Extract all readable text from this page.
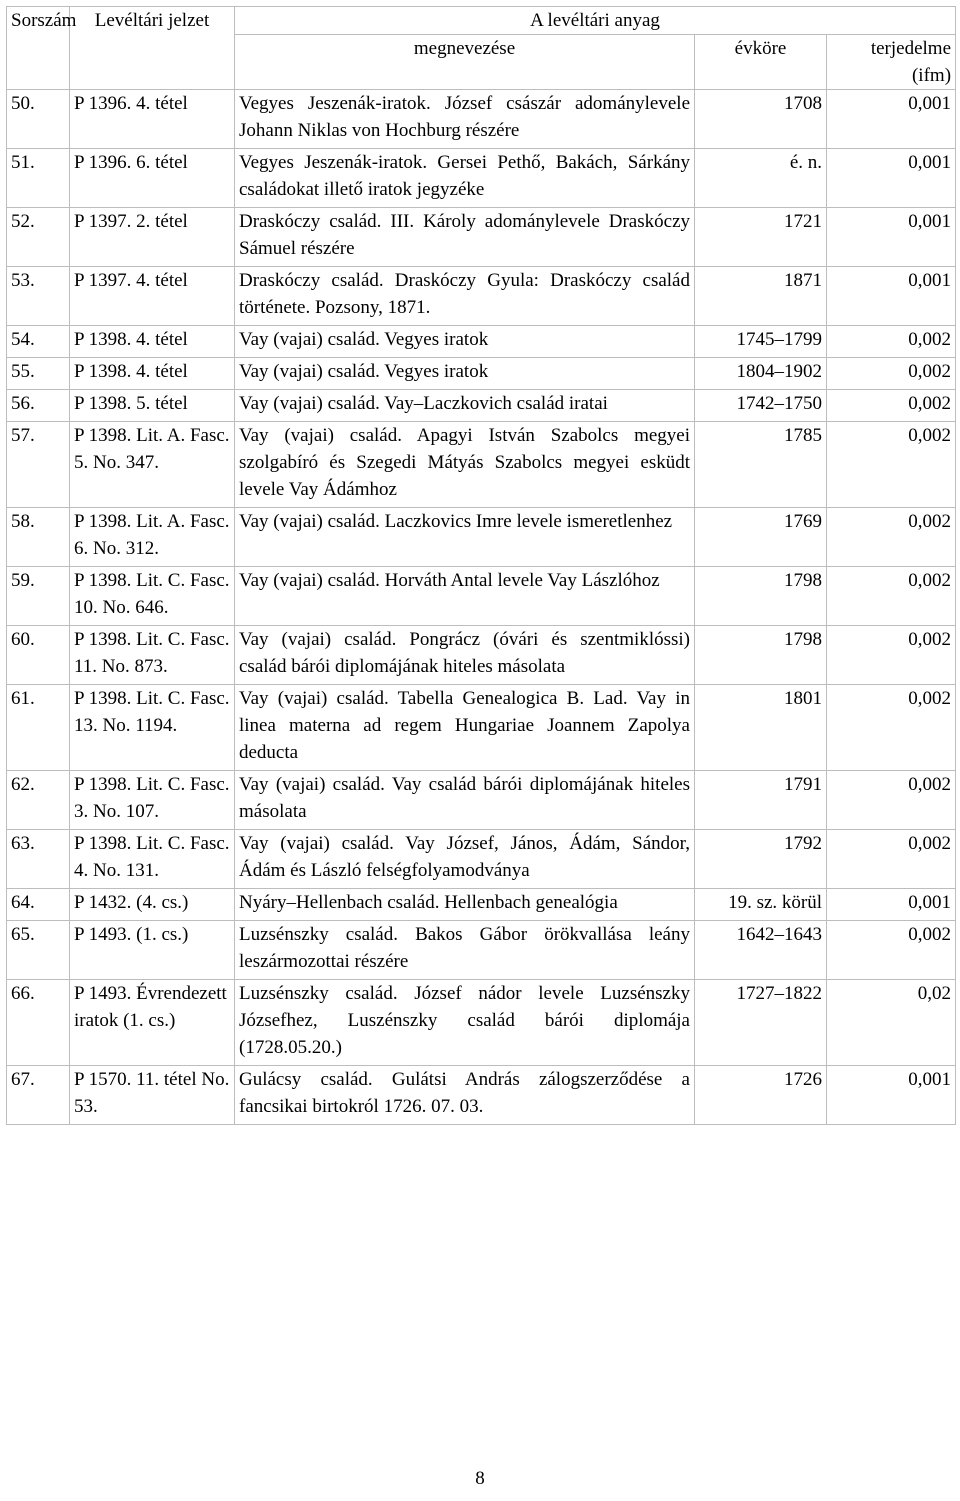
Sorszám	Levéltári jelzet	A levéltári anyag		
		megnevezése	évköre	terjedelme (ifm)
50.	P 1396. 4. tétel	Vegyes Jeszenák-iratok. József császár adománylevele Johann Niklas von Hochburg részére	1708	0,001
51.	P 1396. 6. tétel	Vegyes Jeszenák-iratok. Gersei Pethő, Bakách, Sárkány családokat illető iratok jegyzéke	é. n.	0,001
52.	P 1397. 2. tétel	Draskóczy család. III. Károly adománylevele Draskóczy Sámuel részére	1721	0,001
53.	P 1397. 4. tétel	Draskóczy család. Draskóczy Gyula: Draskóczy család története. Pozsony, 1871.	1871	0,001
54.	P 1398. 4. tétel	Vay (vajai) család. Vegyes iratok	1745–1799	0,002
55.	P 1398. 4. tétel	Vay (vajai) család. Vegyes iratok	1804–1902	0,002
56.	P 1398. 5. tétel	Vay (vajai) család. Vay–Laczkovich család iratai	1742–1750	0,002
57.	P 1398. Lit. A. Fasc. 5. No. 347.	Vay (vajai) család. Apagyi István Szabolcs megyei szolgabíró és Szegedi Mátyás Szabolcs megyei esküdt levele Vay Ádámhoz	1785	0,002
58.	P 1398. Lit. A. Fasc. 6. No. 312.	Vay (vajai) család. Laczkovics Imre levele ismeretlenhez	1769	0,002
59.	P 1398. Lit. C. Fasc. 10. No. 646.	Vay (vajai) család. Horváth Antal levele Vay Lászlóhoz	1798	0,002
60.	P 1398. Lit. C. Fasc. 11. No. 873.	Vay (vajai) család. Pongrácz (óvári és szentmiklóssi) család bárói diplomájának hiteles másolata	1798	0,002
61.	P 1398. Lit. C. Fasc. 13. No. 1194.	Vay (vajai) család. Tabella Genealogica B. Lad. Vay in linea materna ad regem Hungariae Joannem Zapolya deducta	1801	0,002
62.	P 1398. Lit. C. Fasc. 3. No. 107.	Vay (vajai) család. Vay család bárói diplomájának hiteles másolata	1791	0,002
63.	P 1398. Lit. C. Fasc. 4. No. 131.	Vay (vajai) család. Vay József, János, Ádám, Sándor, Ádám és László felségfolyamodványa	1792	0,002
64.	P 1432. (4. cs.)	Nyáry–Hellenbach család. Hellenbach genealógia	19. sz. körül	0,001
65.	P 1493. (1. cs.)	Luzsénszky család. Bakos Gábor örökvallása leány leszármozottai részére	1642–1643	0,002
66.	P 1493. Évrendezett iratok (1. cs.)	Luzsénszky család. József nádor levele Luzsénszky Józsefhez, Luszénszky család bárói diplomája (1728.05.20.)	1727–1822	0,02
67.	P 1570. 11. tétel No. 53.	Gulácsy család. Gulátsi András zálogszerződése a fancsikai birtokról 1726. 07. 03.	1726	0,001
8
